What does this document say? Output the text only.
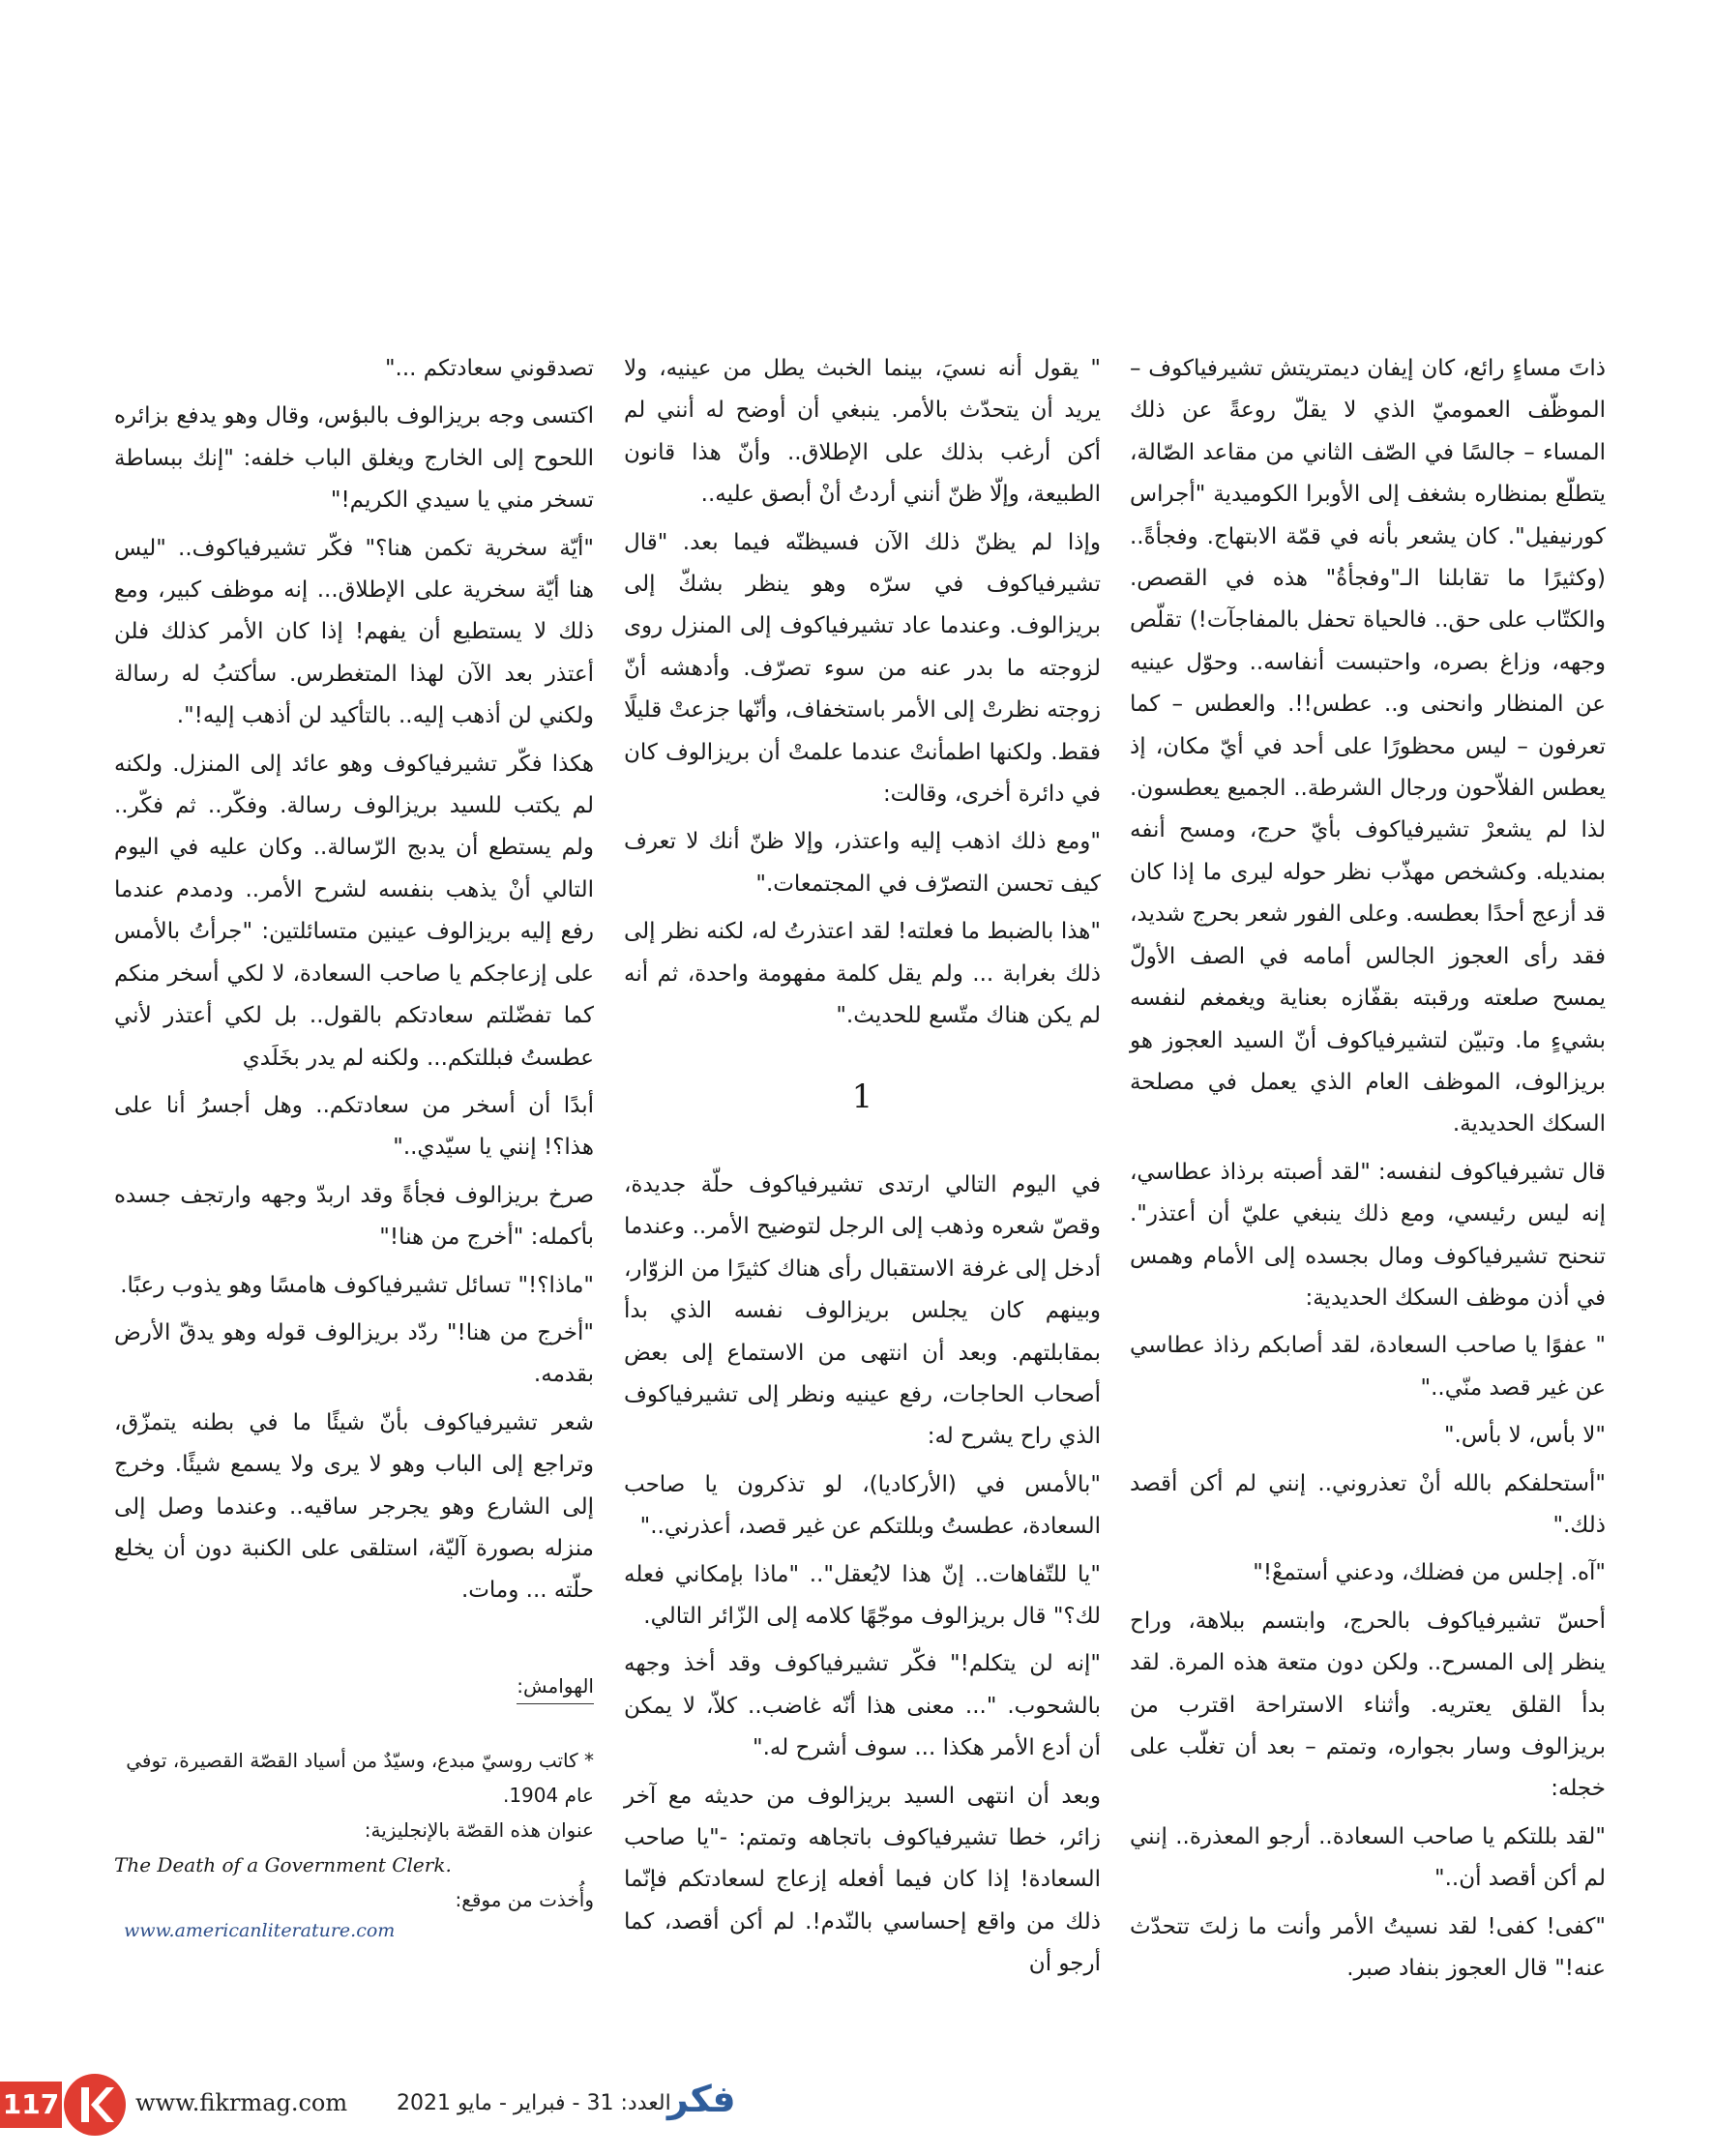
ذاتَ مساءٍ رائع، كان إيفان ديمتريتش تشيرفياكوف – الموظّف العموميّ الذي لا يقلّ روعةً عن ذلك المساء – جالسًا في الصّف الثاني من مقاعد الصّالة، يتطلّع بمنظاره بشغف إلى الأوبرا الكوميدية "أجراس كورنيفيل". كان يشعر بأنه في قمّة الابتهاج. وفجأةً.. (وكثيرًا ما تقابلنا الـ"وفجأةُ" هذه في القصص. والكتّاب على حق.. فالحياة تحفل بالمفاجآت!) تقلّص وجهه، وزاغ بصره، واحتبست أنفاسه.. وحوّل عينيه عن المنظار وانحنى و.. عطس!!. والعطس – كما تعرفون – ليس محظورًا على أحد في أيّ مكان، إذ يعطس الفلاّحون ورجال الشرطة.. الجميع يعطسون. لذا لم يشعرْ تشيرفياكوف بأيّ حرج، ومسح أنفه بمنديله. وكشخص مهذّب نظر حوله ليرى ما إذا كان قد أزعج أحدًا بعطسه. وعلى الفور شعر بحرج شديد، فقد رأى العجوز الجالس أمامه في الصف الأولّ يمسح صلعته ورقبته بقفّازه بعناية ويغمغم لنفسه بشيءٍ ما. وتبيّن لتشيرفياكوف أنّ السيد العجوز هو بريزالوف، الموظف العام الذي يعمل في مصلحة السكك الحديدية.

قال تشيرفياكوف لنفسه: "لقد أصبته برذاذ عطاسي، إنه ليس رئيسي، ومع ذلك ينبغي عليّ أن أعتذر". تنحنح تشيرفياكوف ومال بجسده إلى الأمام وهمس في أذن موظف السكك الحديدية:

" عفوًا يا صاحب السعادة، لقد أصابكم رذاذ عطاسي عن غير قصد منّي.."

"لا بأس، لا بأس."

"أستحلفكم بالله أنْ تعذروني.. إنني لم أكن أقصد ذلك."

"آه. إجلس من فضلك، ودعني أستمعْ!"

أحسّ تشيرفياكوف بالحرج، وابتسم ببلاهة، وراح ينظر إلى المسرح.. ولكن دون متعة هذه المرة. لقد بدأ القلق يعتريه. وأثناء الاستراحة اقترب من بريزالوف وسار بجواره، وتمتم – بعد أن تغلّب على خجله:

"لقد بللتكم يا صاحب السعادة.. أرجو المعذرة.. إنني لم أكن أقصد أن.."

"كفى! كفى! لقد نسيتُ الأمر وأنت ما زلتَ تتحدّث عنه!" قال العجوز بنفاد صبر.

" يقول أنه نسيَ، بينما الخبث يطل من عينيه، ولا يريد أن يتحدّث بالأمر. ينبغي أن أوضح له أنني لم أكن أرغب بذلك على الإطلاق.. وأنّ هذا قانون الطبيعة، وإلّا ظنّ أنني أردتُ أنْ أبصق عليه..

وإذا لم يظنّ ذلك الآن فسيظنّه فيما بعد. "قال تشيرفياكوف في سرّه وهو ينظر بشكّ إلى بريزالوف. وعندما عاد تشيرفياكوف إلى المنزل روى لزوجته ما بدر عنه من سوء تصرّف. وأدهشه أنّ زوجته نظرتْ إلى الأمر باستخفاف، وأنّها جزعتْ قليلًا فقط. ولكنها اطمأنتْ عندما علمتْ أن بريزالوف كان في دائرة أخرى، وقالت:

"ومع ذلك اذهب إليه واعتذر، وإلا ظنّ أنك لا تعرف كيف تحسن التصرّف في المجتمعات."

"هذا بالضبط ما فعلته! لقد اعتذرتُ له، لكنه نظر إلى ذلك بغرابة ... ولم يقل كلمة مفهومة واحدة، ثم أنه لم يكن هناك متّسع للحديث."

1

في اليوم التالي ارتدى تشيرفياكوف حلّة جديدة، وقصّ شعره وذهب إلى الرجل لتوضيح الأمر.. وعندما أدخل إلى غرفة الاستقبال رأى هناك كثيرًا من الزوّار، وبينهم كان يجلس بريزالوف نفسه الذي بدأ بمقابلتهم. وبعد أن انتهى من الاستماع إلى بعض أصحاب الحاجات، رفع عينيه ونظر إلى تشيرفياكوف الذي راح يشرح له:

"بالأمس في (الأركاديا)، لو تذكرون يا صاحب السعادة، عطستُ وبللتكم عن غير قصد، أعذرني.."

"يا للتّفاهات.. إنّ هذا لايُعقل".. "ماذا بإمكاني فعله لك؟" قال بريزالوف موجّهًا كلامه إلى الزّائر التالي.

"إنه لن يتكلم!" فكّر تشيرفياكوف وقد أخذ وجهه بالشحوب. "... معنى هذا أنّه غاضب.. كلاّ، لا يمكن أن أدع الأمر هكذا ... سوف أشرح له."

وبعد أن انتهى السيد بريزالوف من حديثه مع آخر زائر، خطا تشيرفياكوف باتجاهه وتمتم: -"يا صاحب السعادة! إذا كان فيما أفعله إزعاج لسعادتكم فإنّما ذلك من واقع إحساسي بالنّدم!. لم أكن أقصد، كما أرجو أن

تصدقوني سعادتكم ..."

اكتسى وجه بريزالوف بالبؤس، وقال وهو يدفع بزائره اللحوح إلى الخارج ويغلق الباب خلفه: "إنك ببساطة تسخر مني يا سيدي الكريم!"

"أيّة سخرية تكمن هنا؟" فكّر تشيرفياكوف.. "ليس هنا أيّة سخرية على الإطلاق... إنه موظف كبير، ومع ذلك لا يستطيع أن يفهم! إذا كان الأمر كذلك فلن أعتذر بعد الآن لهذا المتغطرس. سأكتبُ له رسالة ولكني لن أذهب إليه.. بالتأكيد لن أذهب إليه!".

هكذا فكّر تشيرفياكوف وهو عائد إلى المنزل. ولكنه لم يكتب للسيد بريزالوف رسالة. وفكّر.. ثم فكّر.. ولم يستطع أن يدبج الرّسالة.. وكان عليه في اليوم التالي أنْ يذهب بنفسه لشرح الأمر.. ودمدم عندما رفع إليه بريزالوف عينين متسائلتين: "جرأتُ بالأمس على إزعاجكم يا صاحب السعادة، لا لكي أسخر منكم كما تفضّلتم سعادتكم بالقول.. بل لكي أعتذر لأني عطستُ فبللتكم... ولكنه لم يدر بخَلَدي

أبدًا أن أسخر من سعادتكم.. وهل أجسرُ أنا على هذا؟! إنني يا سيّدي.."

صرخ بريزالوف فجأةً وقد اربدّ وجهه وارتجف جسده بأكمله: "أخرج من هنا!"

"ماذا؟!" تسائل تشيرفياكوف هامسًا وهو يذوب رعبًا.

"أخرج من هنا!" ردّد بريزالوف قوله وهو يدقّ الأرض بقدمه.

شعر تشيرفياكوف بأنّ شيئًا ما في بطنه يتمزّق، وتراجع إلى الباب وهو لا يرى ولا يسمع شيئًا. وخرج إلى الشارع وهو يجرجر ساقيه.. وعندما وصل إلى منزله بصورة آليّة، استلقى على الكنبة دون أن يخلع حلّته ... ومات.

الهوامش:

* كاتب روسيّ مبدع، وسيّدٌ من أسياد القصّة القصيرة، توفي عام 1904.

عنوان هذه القصّة بالإنجليزية:

The Death of a Government Clerk.

وأُخذت من موقع:

www.americanliterature.com
117	www.fikrmag.com العدد: 31 - فبراير - مايو 2021
فكر
